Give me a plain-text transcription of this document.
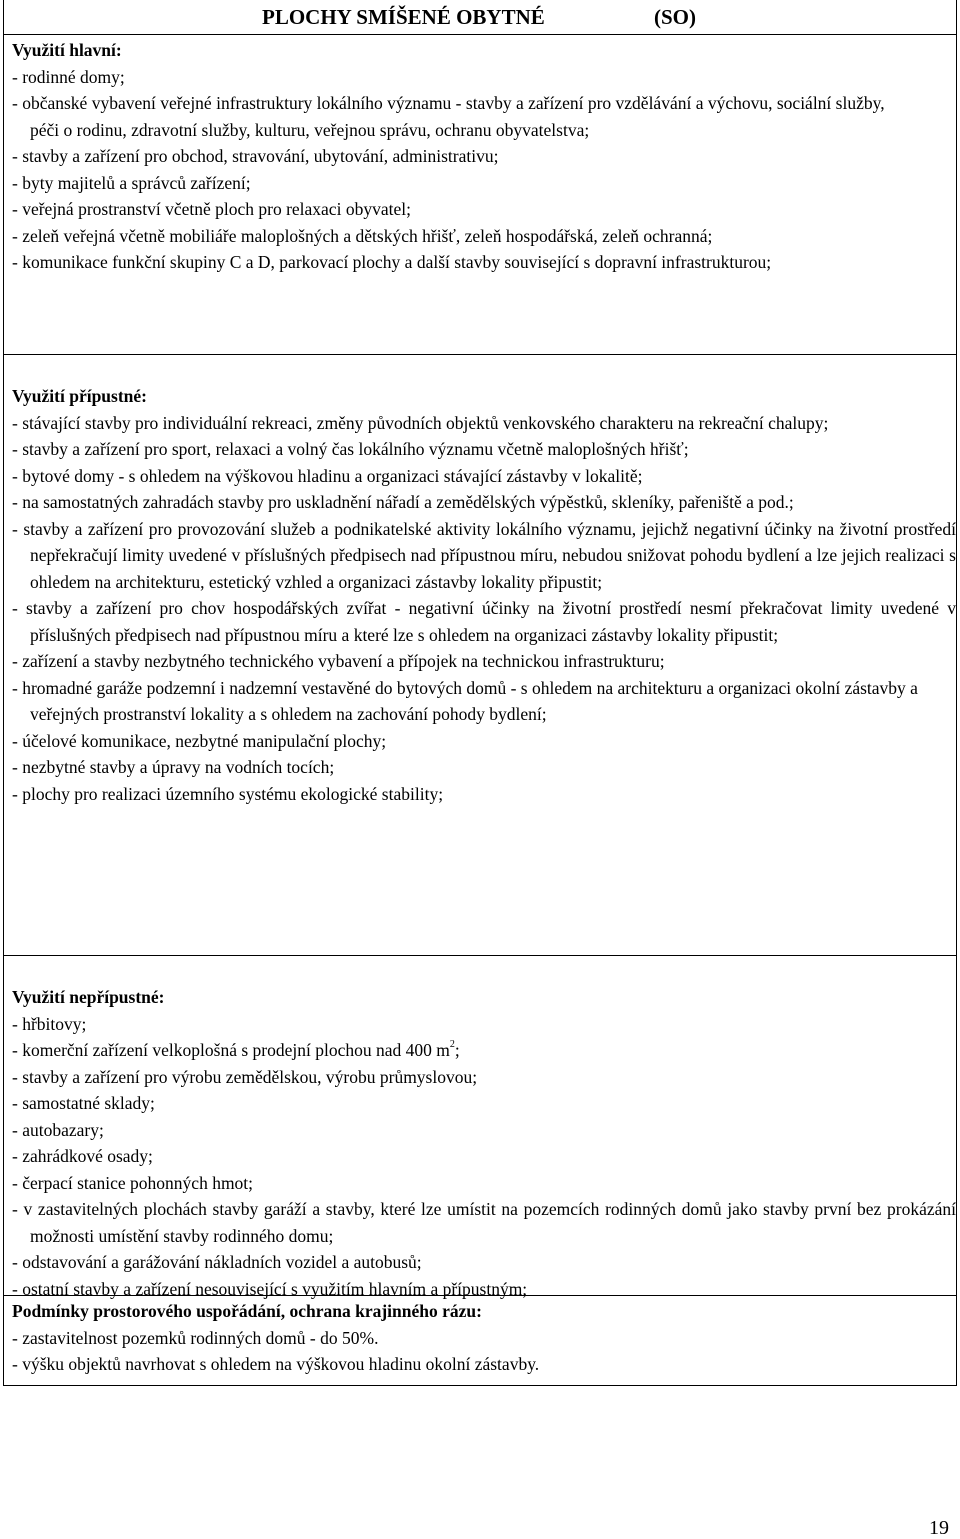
PLOCHY SMÍŠENÉ OBYTNÉ	(SO)
Využití hlavní:
- rodinné domy;
- občanské vybavení veřejné infrastruktury lokálního významu - stavby a zařízení pro vzdělávání a výchovu, sociální služby, péči o rodinu, zdravotní služby, kulturu, veřejnou správu, ochranu obyvatelstva;
- stavby a zařízení pro obchod, stravování, ubytování, administrativu;
- byty majitelů a správců zařízení;
- veřejná prostranství včetně ploch pro relaxaci obyvatel;
- zeleň veřejná včetně mobiliáře maloplošných a dětských hřišť, zeleň hospodářská, zeleň ochranná;
- komunikace funkční skupiny C a D, parkovací plochy a další stavby související s dopravní infrastrukturou;
Využití přípustné:
- stávající stavby pro individuální rekreaci, změny původních objektů venkovského charakteru na rekreační chalupy;
- stavby a zařízení pro sport, relaxaci a volný čas lokálního významu včetně maloplošných hřišť;
- bytové domy - s ohledem na výškovou hladinu a organizaci stávající zástavby v lokalitě;
- na samostatných zahradách stavby pro uskladnění nářadí a zemědělských výpěstků, skleníky, pařeniště a pod.;
- stavby a zařízení pro provozování služeb a podnikatelské aktivity lokálního významu, jejichž negativní účinky na životní prostředí nepřekračují limity uvedené v příslušných předpisech nad přípustnou míru, nebudou snižovat pohodu bydlení a lze jejich realizaci s ohledem na architekturu, estetický vzhled a organizaci zástavby lokality připustit;
- stavby a zařízení pro chov hospodářských zvířat - negativní účinky na životní prostředí nesmí překračovat limity uvedené v příslušných předpisech nad přípustnou míru a které lze s ohledem na organizaci zástavby lokality připustit;
- zařízení a stavby nezbytného technického vybavení a přípojek na technickou infrastrukturu;
- hromadné garáže podzemní i nadzemní vestavěné do bytových domů - s ohledem na architekturu a organizaci okolní zástavby a veřejných prostranství lokality a s ohledem na zachování pohody bydlení;
- účelové komunikace, nezbytné manipulační plochy;
- nezbytné stavby a úpravy na vodních tocích;
- plochy pro realizaci územního systému ekologické stability;
Využití nepřípustné:
- hřbitovy;
- komerční zařízení velkoplošná s prodejní plochou nad 400 $m^2$;
- stavby a zařízení pro výrobu zemědělskou, výrobu průmyslovou;
- samostatné sklady;
- autobazary;
- zahrádkové osady;
- čerpací stanice pohonných hmot;
- v zastavitelných plochách stavby garáží a stavby, které lze umístit na pozemcích rodinných domů jako stavby první bez prokázání možnosti umístění stavby rodinného domu;
- odstavování a garážování nákladních vozidel a autobusů;
- ostatní stavby a zařízení nesouvisející s využitím hlavním a přípustným;
Podmínky prostorového uspořádání, ochrana krajinného rázu:
- zastavitelnost pozemků rodinných domů - do 50%.
- výšku objektů navrhovat s ohledem na výškovou hladinu okolní zástavby.
19
